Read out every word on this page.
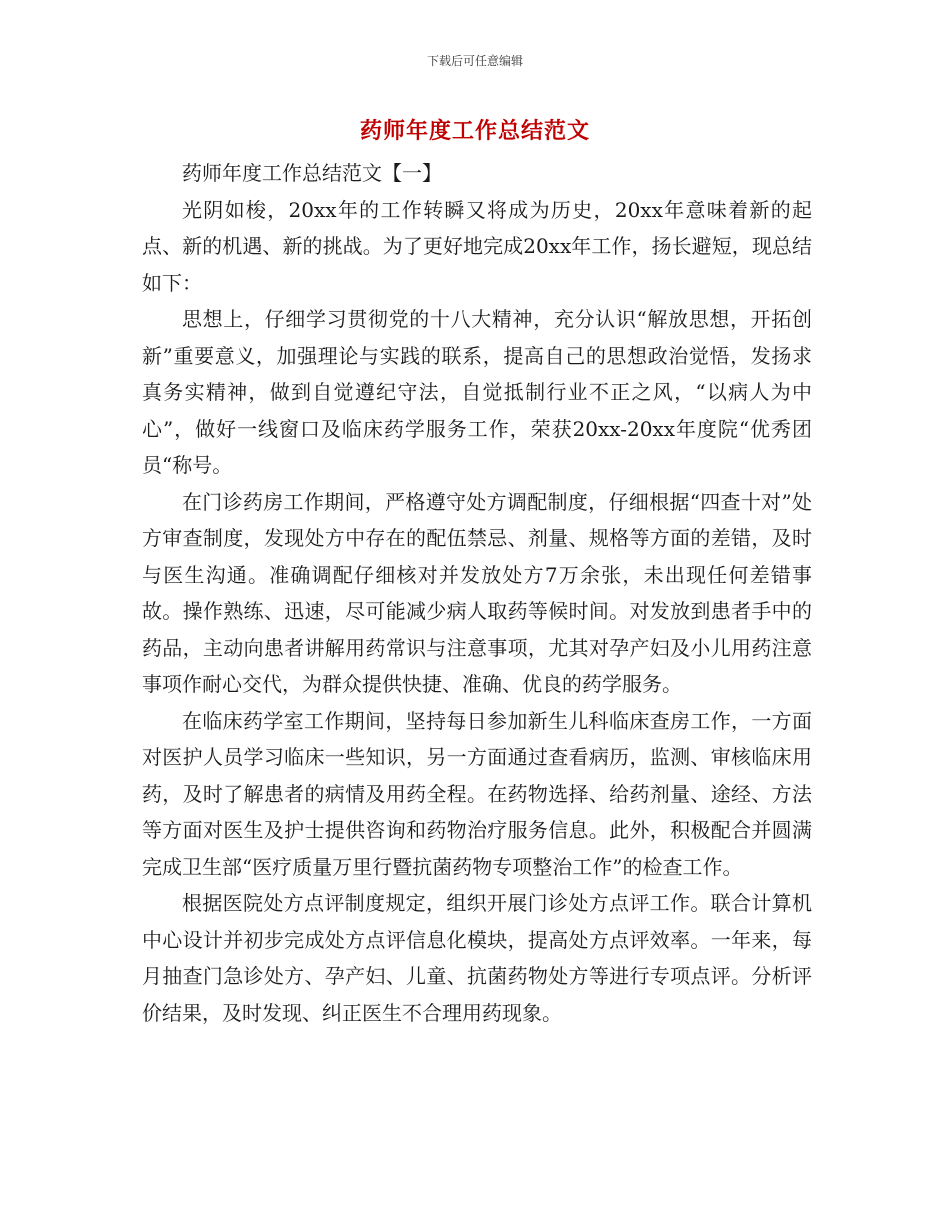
下载后可任意编辑
药师年度工作总结范文

药师年度工作总结范文【一】

光阴如梭，20xx年的工作转瞬又将成为历史，20xx年意味着新的起点、新的机遇、新的挑战。为了更好地完成20xx年工作，扬长避短，现总结如下：

思想上，仔细学习贯彻党的十八大精神，充分认识“解放思想，开拓创新”重要意义，加强理论与实践的联系，提高自己的思想政治觉悟，发扬求真务实精神，做到自觉遵纪守法，自觉抵制行业不正之风，“以病人为中心”，做好一线窗口及临床药学服务工作，荣获20xx-20xx年度院“优秀团员“称号。

在门诊药房工作期间，严格遵守处方调配制度，仔细根据“四查十对”处方审查制度，发现处方中存在的配伍禁忌、剂量、规格等方面的差错，及时与医生沟通。准确调配仔细核对并发放处方7万余张，未出现任何差错事故。操作熟练、迅速，尽可能减少病人取药等候时间。对发放到患者手中的药品，主动向患者讲解用药常识与注意事项，尤其对孕产妇及小儿用药注意事项作耐心交代，为群众提供快捷、准确、优良的药学服务。

在临床药学室工作期间，坚持每日参加新生儿科临床查房工作，一方面对医护人员学习临床一些知识，另一方面通过查看病历，监测、审核临床用药，及时了解患者的病情及用药全程。在药物选择、给药剂量、途经、方法等方面对医生及护士提供咨询和药物治疗服务信息。此外，积极配合并圆满完成卫生部“医疗质量万里行暨抗菌药物专项整治工作”的检查工作。

根据医院处方点评制度规定，组织开展门诊处方点评工作。联合计算机中心设计并初步完成处方点评信息化模块，提高处方点评效率。一年来，每月抽查门急诊处方、孕产妇、儿童、抗菌药物处方等进行专项点评。分析评价结果，及时发现、纠正医生不合理用药现象。
